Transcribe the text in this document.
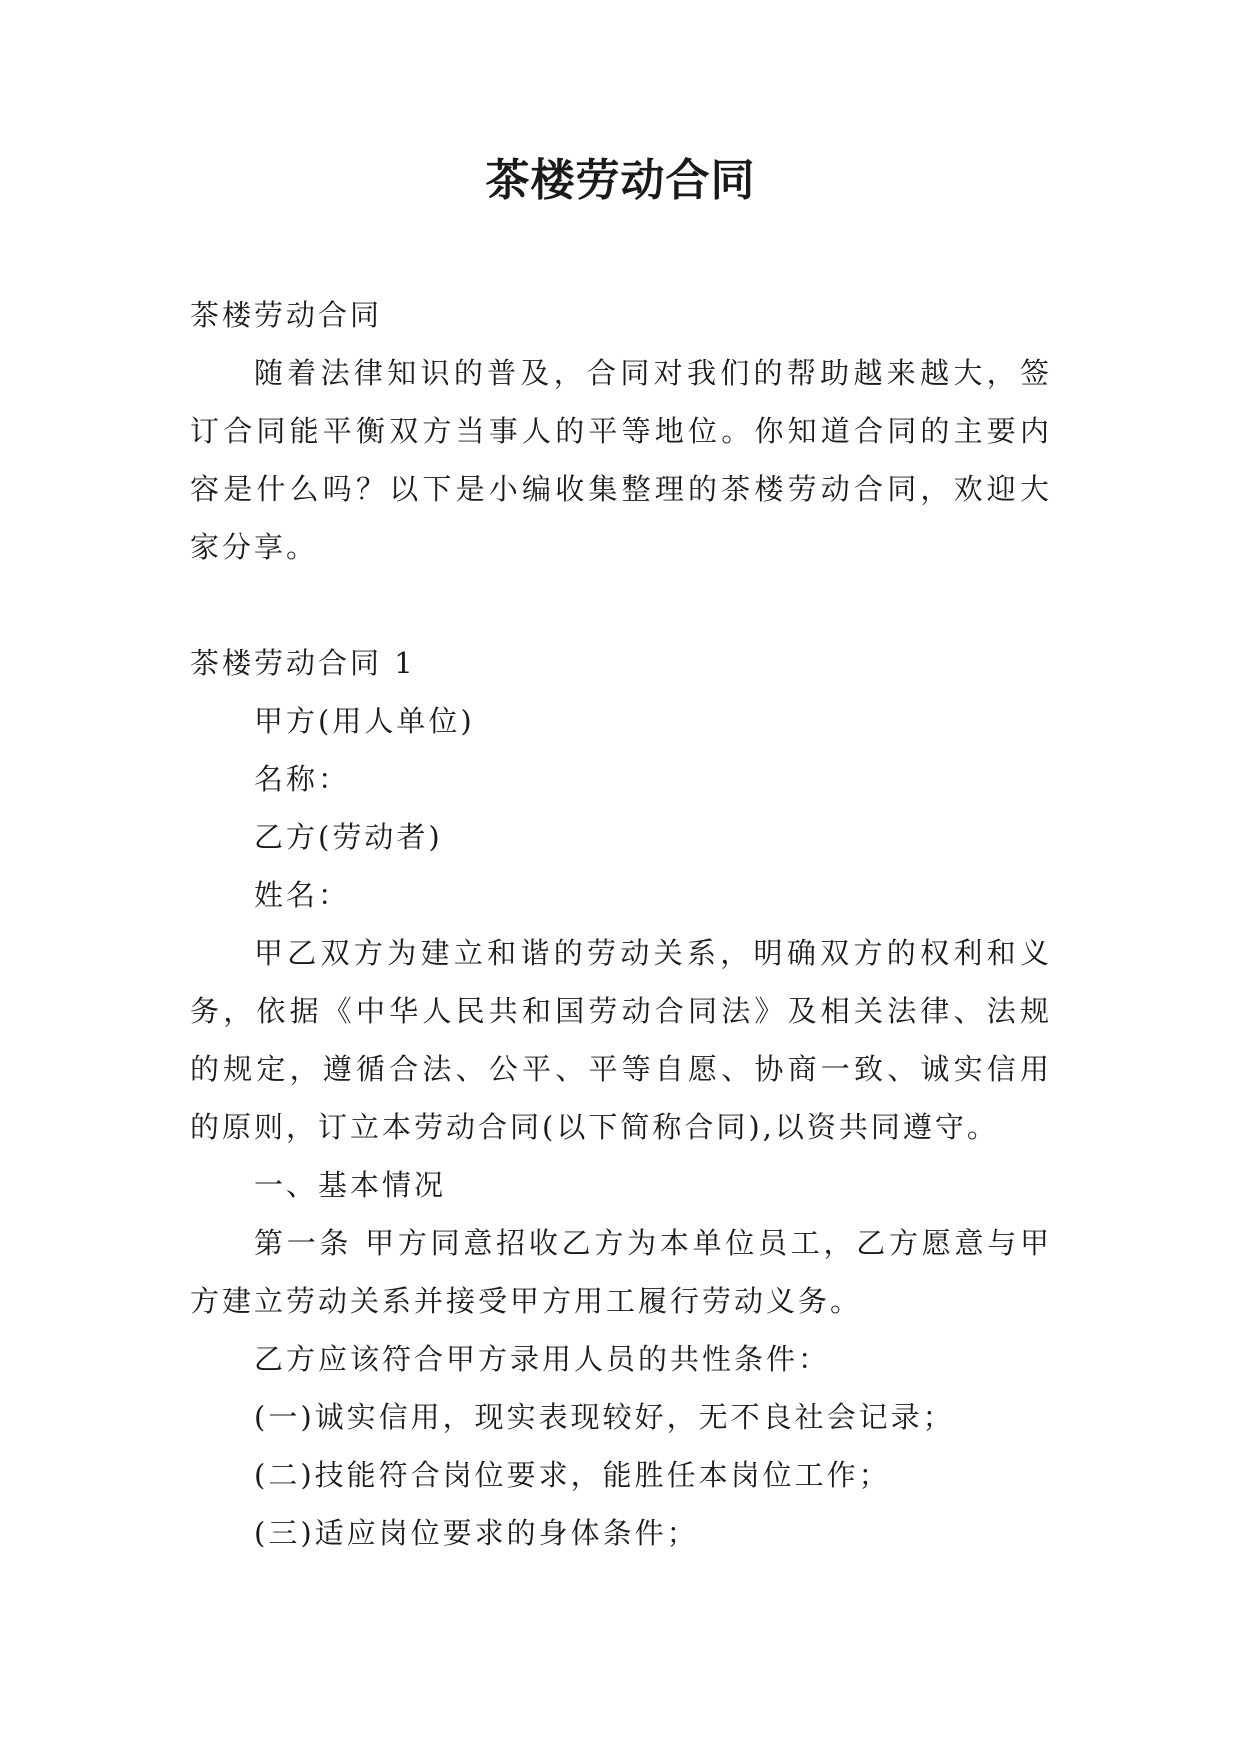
茶楼劳动合同

茶楼劳动合同

随着法律知识的普及，合同对我们的帮助越来越大，签订合同能平衡双方当事人的平等地位。你知道合同的主要内容是什么吗？以下是小编收集整理的茶楼劳动合同，欢迎大家分享。

茶楼劳动合同 1

甲方(用人单位)

名称：

乙方(劳动者)

姓名：

甲乙双方为建立和谐的劳动关系，明确双方的权利和义务，依据《中华人民共和国劳动合同法》及相关法律、法规的规定，遵循合法、公平、平等自愿、协商一致、诚实信用的原则，订立本劳动合同(以下简称合同),以资共同遵守。

一、基本情况

第一条 甲方同意招收乙方为本单位员工，乙方愿意与甲方建立劳动关系并接受甲方用工履行劳动义务。

乙方应该符合甲方录用人员的共性条件：

(一)诚实信用，现实表现较好，无不良社会记录；

(二)技能符合岗位要求，能胜任本岗位工作；

(三)适应岗位要求的身体条件；
